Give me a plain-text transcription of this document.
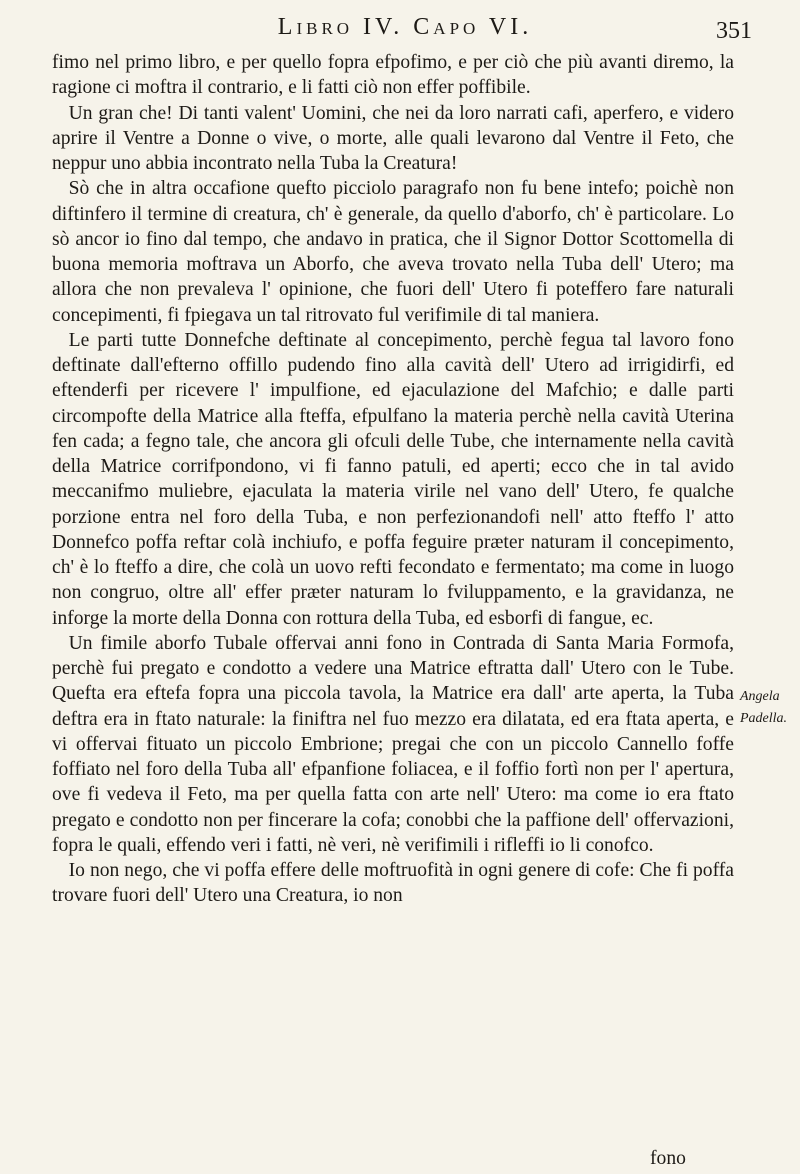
Libro IV. Capo VI.	351

fimo nel primo libro, e per quello fopra efpofimo, e per ciò che più avanti diremo, la ragione ci moftra il contrario, e li fatti ciò non effer poffibile.

Un gran che! Di tanti valent' Uomini, che nei da loro narrati cafi, aperfero, e videro aprire il Ventre a Donne o vive, o morte, alle quali levarono dal Ventre il Feto, che neppur uno abbia incontrato nella Tuba la Creatura!

Sò che in altra occafione quefto picciolo paragrafo non fu bene intefo; poichè non diftinfero il termine di creatura, ch' è generale, da quello d'aborfo, ch' è particolare. Lo sò ancor io fino dal tempo, che andavo in pratica, che il Signor Dottor Scottomella di buona memoria moftrava un Aborfo, che aveva trovato nella Tuba dell' Utero; ma allora che non prevaleva l' opinione, che fuori dell' Utero fi poteffero fare naturali concepimenti, fi fpiegava un tal ritrovato ful verifimile di tal maniera.

Le parti tutte Donnefche deftinate al concepimento, perchè fegua tal lavoro fono deftinate dall'efterno offillo pudendo fino alla cavità dell' Utero ad irrigidirfi, ed eftenderfi per ricevere l' impulfione, ed ejaculazione del Mafchio; e dalle parti circompofte della Matrice alla fteffa, efpulfano la materia perchè nella cavità Uterina fen cada; a fegno tale, che ancora gli ofculi delle Tube, che internamente nella cavità della Matrice corrifpondono, vi fi fanno patuli, ed aperti; ecco che in tal avido meccanifmo muliebre, ejaculata la materia virile nel vano dell' Utero, fe qualche porzione entra nel foro della Tuba, e non perfezionandofi nell' atto fteffo l' atto Donnefco poffa reftar colà inchiufo, e poffa feguire præter naturam il concepimento, ch' è lo fteffo a dire, che colà un uovo refti fecondato e fermentato; ma come in luogo non congruo, oltre all' effer præter naturam lo fviluppamento, e la gravidanza, ne inforge la morte della Donna con rottura della Tuba, ed esborfi di fangue, ec.

Un fimile aborfo Tubale offervai anni fono in Contrada di Santa Maria Formofa, perchè fui pregato e condotto a vedere una Matrice eftratta dall' Utero con le Tube. Quefta era eftefa fopra una piccola tavola, la Matrice era dall' arte aperta, la Tuba deftra era in ftato naturale: la finiftra nel fuo mezzo era dilatata, ed era ftata aperta, e vi offervai fituato un piccolo Embrione; pregai che con un piccolo Cannello foffe foffiato nel foro della Tuba all' efpanfione foliacea, e il foffio fortì non per l' apertura, ove fi vedeva il Feto, ma per quella fatta con arte nell' Utero: ma come io era ftato pregato e condotto non per fincerare la cofa; conobbi che la paffione dell' offervazioni, fopra le quali, effendo veri i fatti, nè veri, nè verifimili i rifleffi io li conofco.

Io non nego, che vi poffa effere delle moftruofità in ogni genere di cofe: Che fi poffa trovare fuori dell' Utero una Creatura, io non

Angela
Padella.
fono
